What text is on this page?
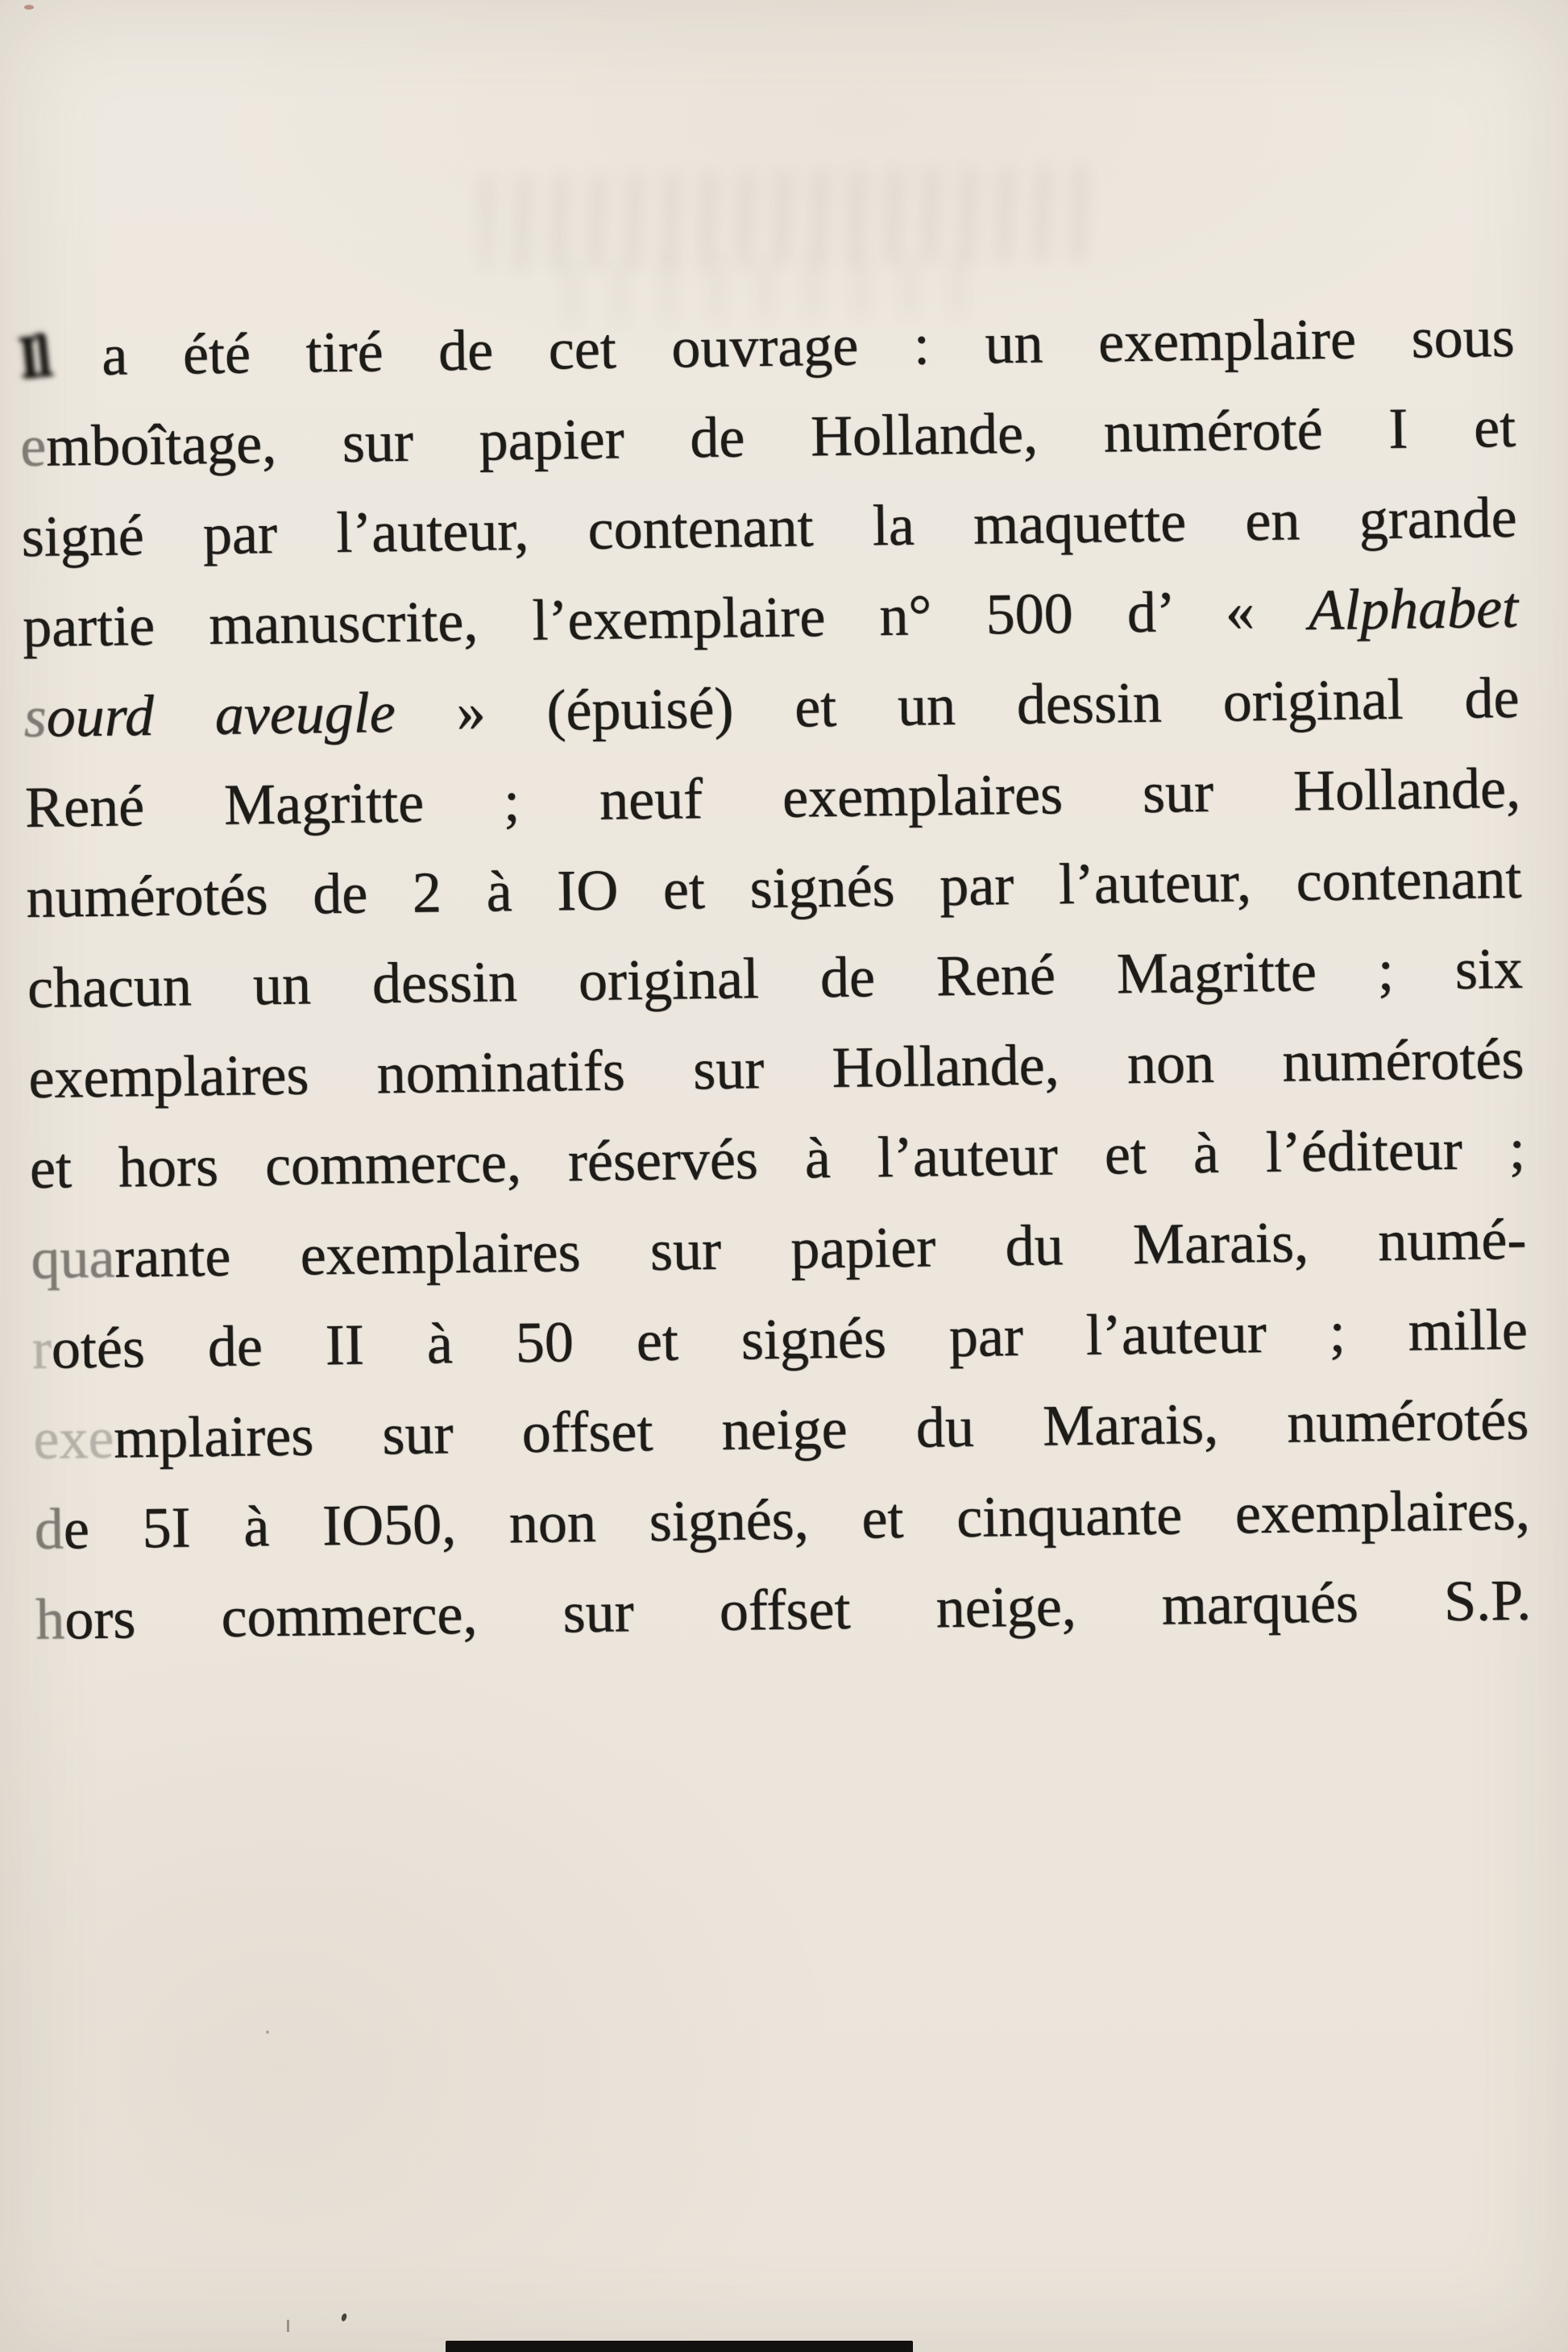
Il a été tiré de cet ouvrage : un exemplaire sous
emboîtage, sur papier de Hollande, numéroté I et
signé par l’auteur, contenant la maquette en grande
partie manuscrite, l’exemplaire n° 500 d’ « Alphabet
sourd aveugle » (épuisé) et un dessin original de
René Magritte ; neuf exemplaires sur Hollande,
numérotés de 2 à IO et signés par l’auteur, contenant
chacun un dessin original de René Magritte ; six
exemplaires nominatifs sur Hollande, non numérotés
et hors commerce, réservés à l’auteur et à l’éditeur ;
quarante exemplaires sur papier du Marais, numé-
rotés de II à 50 et signés par l’auteur ; mille
exemplaires sur offset neige du Marais, numérotés
de 5I à IO50, non signés, et cinquante exemplaires,
hors commerce, sur offset neige, marqués S.P.
